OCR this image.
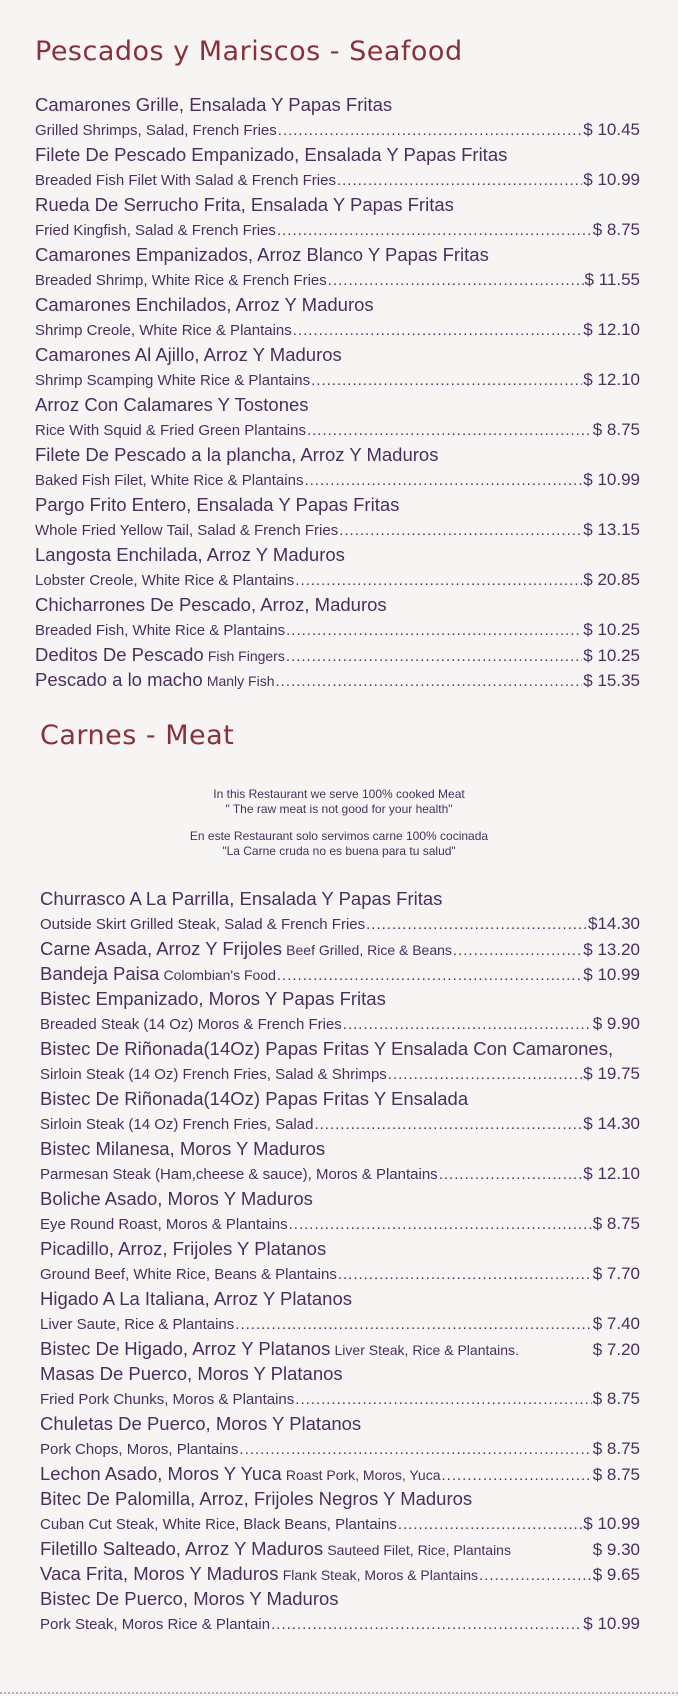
Pescados y Mariscos - Seafood
Camarones Grille, Ensalada Y Papas Fritas
Grilled Shrimps, Salad, French Fries .....	$ 10.45
Filete De Pescado Empanizado, Ensalada Y Papas Fritas
Breaded Fish Filet With Salad & French Fries .....	$ 10.99
Rueda De Serrucho Frita, Ensalada Y Papas Fritas
Fried Kingfish, Salad & French Fries .....	$ 8.75
Camarones Empanizados, Arroz Blanco Y Papas Fritas
Breaded Shrimp, White Rice & French Fries .....	$ 11.55
Camarones Enchilados, Arroz Y Maduros
Shrimp Creole, White Rice & Plantains .....	$ 12.10
Camarones Al Ajillo, Arroz Y Maduros
Shrimp Scamping White Rice & Plantains .....	$ 12.10
Arroz Con Calamares Y Tostones
Rice With Squid & Fried Green Plantains .....	$ 8.75
Filete De Pescado a la plancha, Arroz Y Maduros
Baked Fish Filet, White Rice & Plantains .....	$ 10.99
Pargo Frito Entero, Ensalada Y Papas Fritas
Whole Fried Yellow Tail, Salad & French Fries .....	$ 13.15
Langosta Enchilada, Arroz Y Maduros
Lobster Creole, White Rice & Plantains .....	$ 20.85
Chicharrones De Pescado, Arroz, Maduros
Breaded Fish, White Rice & Plantains .....	$ 10.25
Deditos De Pescado Fish Fingers .....	$ 10.25
Pescado a lo macho Manly Fish .....	$ 15.35
Carnes - Meat
In this Restaurant we serve 100% cooked Meat
" The raw meat is not good for your health"
En este Restaurant solo servimos carne 100% cocinada
"La Carne cruda no es buena para tu salud"
Churrasco A La Parrilla, Ensalada Y Papas Fritas
Outside Skirt Grilled Steak, Salad & French Fries .....	$14.30
Carne Asada, Arroz Y Frijoles Beef Grilled, Rice & Beans .....	$ 13.20
Bandeja Paisa Colombian's Food .....	$ 10.99
Bistec Empanizado, Moros Y Papas Fritas
Breaded Steak (14 Oz) Moros & French Fries .....	$ 9.90
Bistec De Riñonada(14Oz) Papas Fritas Y Ensalada Con Camarones,
Sirloin Steak (14 Oz) French Fries, Salad & Shrimps .....	$ 19.75
Bistec De Riñonada(14Oz) Papas Fritas Y Ensalada
Sirloin Steak (14 Oz) French Fries, Salad .....	$ 14.30
Bistec Milanesa, Moros Y Maduros
Parmesan Steak (Ham,cheese & sauce), Moros & Plantains .....	$ 12.10
Boliche Asado, Moros Y Maduros
Eye Round Roast, Moros & Plantains .....	$ 8.75
Picadillo, Arroz, Frijoles Y Platanos
Ground Beef, White Rice, Beans & Plantains .....	$ 7.70
Higado A La Italiana, Arroz Y Platanos
Liver Saute, Rice & Plantains .....	$ 7.40
Bistec De Higado, Arroz Y Platanos Liver Steak, Rice & Plantains.	$ 7.20
Masas De Puerco, Moros Y Platanos
Fried Pork Chunks, Moros & Plantains .....	$ 8.75
Chuletas De Puerco, Moros Y Platanos
Pork Chops, Moros, Plantains .....	$ 8.75
Lechon Asado, Moros Y Yuca Roast Pork, Moros, Yuca .....	$ 8.75
Bitec De Palomilla, Arroz, Frijoles Negros Y Maduros
Cuban Cut Steak, White Rice, Black Beans, Plantains .....	$ 10.99
Filetillo Salteado, Arroz Y Maduros Sauteed Filet, Rice, Plantains	$ 9.30
Vaca Frita, Moros Y Maduros Flank Steak, Moros & Plantains .....	$ 9.65
Bistec De Puerco, Moros Y Maduros
Pork Steak, Moros Rice & Plantain .....	$ 10.99
